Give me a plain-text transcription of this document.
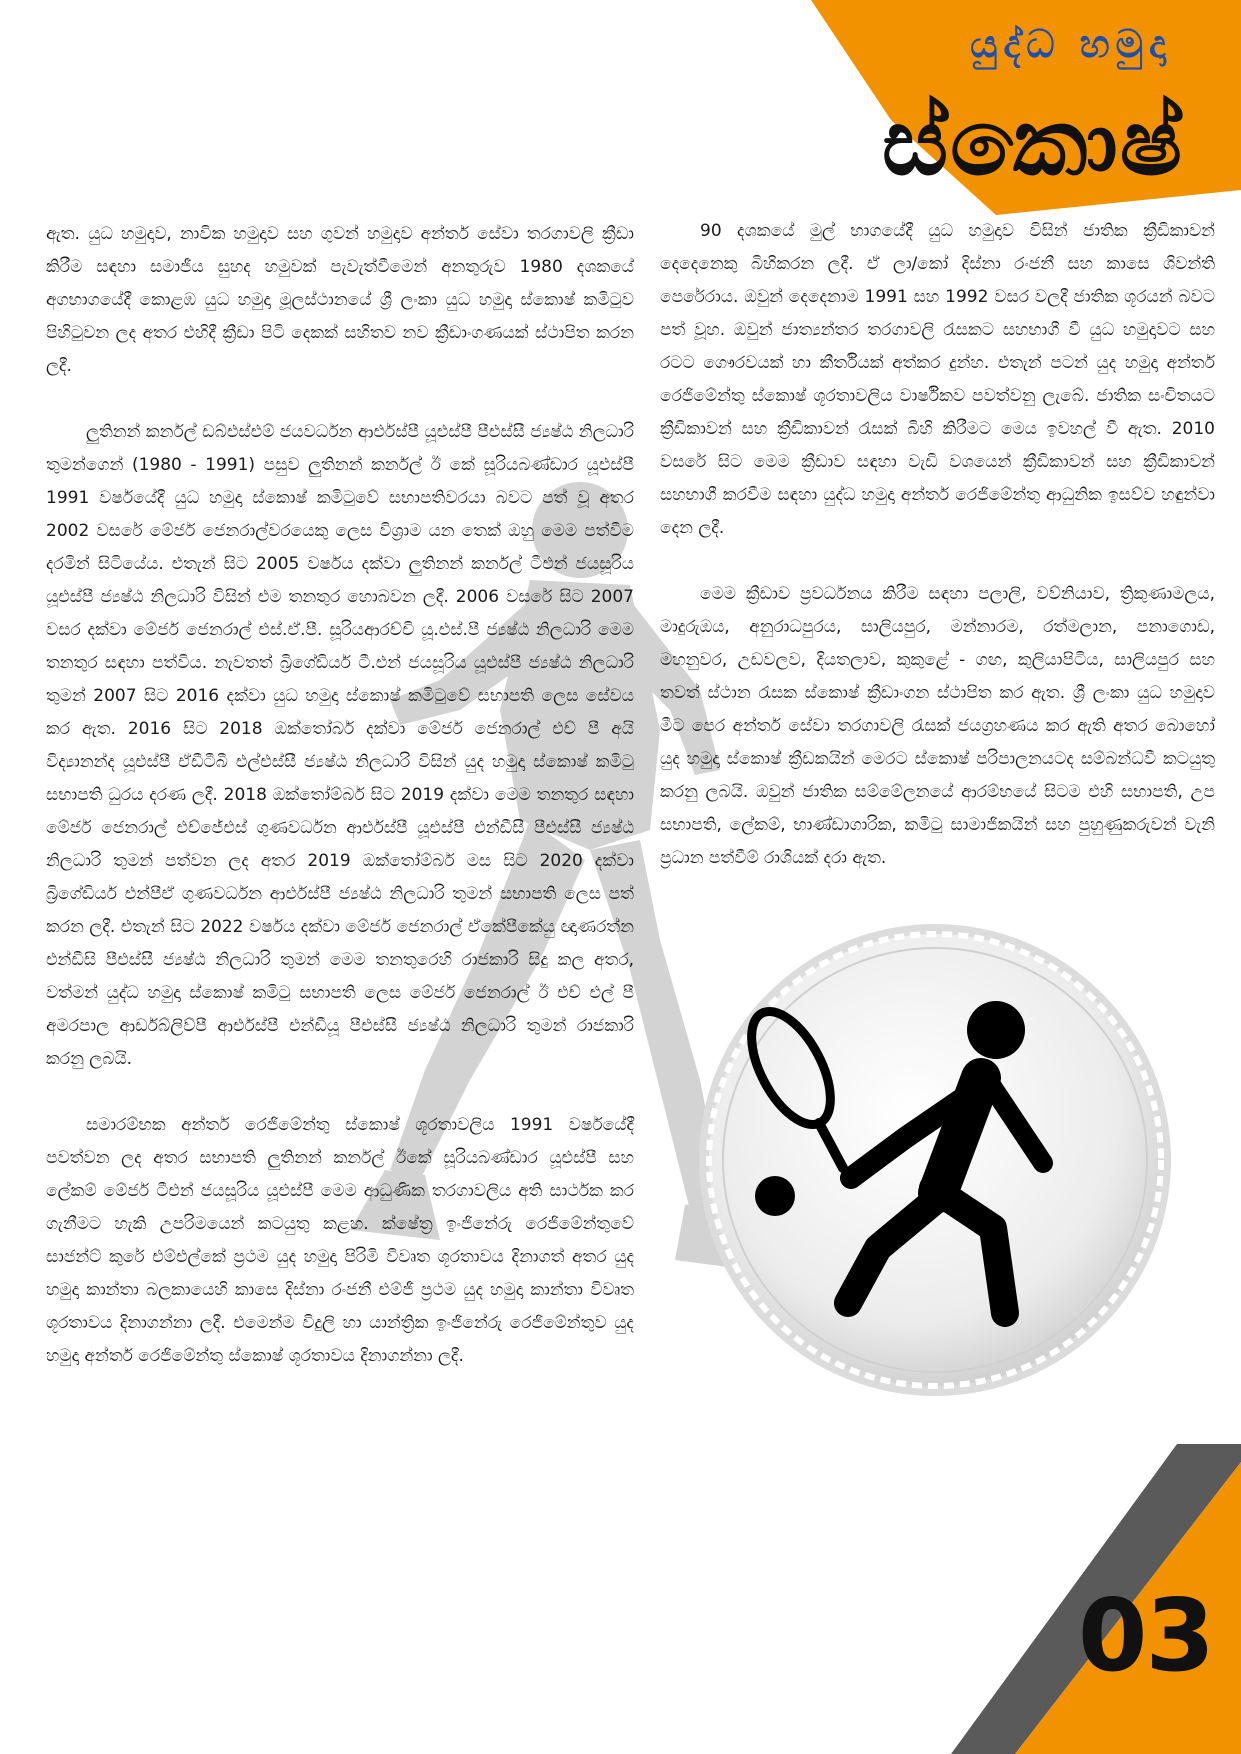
යුද්ධ හමුදා
ස්කොෂ්

ඇත. යුධ හමුදාව, නාවික හමුදාව සහ ගුවන් හමුදාව අන්තර් සේවා තරගාවලි ක්‍රීඩා කිරීම සඳහා සමාජීය සුහද හමුවක් පැවැත්වීමෙන් අනතුරුව 1980 දශකයේ අගභාගයේදී කොළඹ යුධ හමුදා මූලස්ථානයේ ශ්‍රී ලංකා යුධ හමුදා ස්කොෂ් කමිටුව පිහිටුවන ලද අතර එහිදී ක්‍රීඩා පිටි දෙකක් සහිතව නව ක්‍රීඩාංගණයක් ස්ථාපිත කරන ලදී.

ලුතිනන් කර්නල් ඩබ්එස්එම් ජයවර්ධන ආර්එස්පී යූඑස්පී පීඑස්සී ජ්‍යෂ්ඨ නිලධාරි තුමන්ගෙන් (1980 - 1991) පසුව ලුතිනන් කර්නල් ඊ කේ සූරියබණ්ඩාර යූඑස්පී 1991 වර්ෂයේදී යුධ හමුදා ස්කොෂ් කමිටුවේ සභාපතිවරයා බවට පත් වූ අතර 2002 වසරේ මේජර් ජෙනරාල්වරයෙකු ලෙස විශ්‍රාම යන තෙක් ඔහු මෙම පත්වීම දරමින් සිටියේය. එතැන් සිට 2005 වර්ෂය දක්වා ලුතිනන් කර්නල් ටීඑන් ජයසූරිය යූඑස්පී ජ්‍යෂ්ඨ නිලධාරි විසින් එම තනතුර හොබවන ලදී. 2006 වසරේ සිට 2007 වසර දක්වා මේජර් ජෙනරාල් එස්.ඒ.පී. සූරියආරච්චි යූ.එස්.පී ජ්‍යෂ්ඨ නිලධාරි මෙම තනතුර සඳහා පත්විය. නැවතත් බ්‍රිගේඩියර් ටී.එන් ජයසූරිය යූඑස්පී ජ්‍යෂ්ඨ නිලධාරි තුමන් 2007 සිට 2016 දක්වා යුධ හමුදා ස්කොෂ් කමිටුවේ සභාපති ලෙස සේවය කර ඇත. 2016 සිට 2018 ඔක්තෝබර් දක්වා මේජර් ජෙනරාල් එච් පී අයි විද්‍යානන්ද යූඑස්පී ඒඩීටීබී එල්එස්සී ජ්‍යෂ්ඨ නිලධාරි විසින් යුද හමුදා ස්කොෂ් කමිටු සභාපති ධුරය දරණ ලදී. 2018 ඔක්තෝම්බර් සිට 2019 දක්වා මෙම තනතුර සඳහා මේජර් ජෙනරාල් එච්ජේඑස් ගුණවර්ධන ආර්එස්පී යූඑස්පී එන්ඩීසී පීඑස්සී ජ්‍යෂ්ඨ නිලධාරි තුමන් පත්වන ලද අතර 2019 ඔක්තෝම්බර් මස සිට 2020 දක්වා බ්‍රිගේඩියර් එන්පීඒ ගුණවර්ධන ආර්එස්පී ජ්‍යෂ්ඨ නිලධාරි තුමන් සභාපති ලෙස පත් කරන ලදී. එතැන් සිට 2022 වර්ෂය දක්වා මේජර් ජෙනරාල් ඒකේපීකේයු ඥාණරත්න එන්ඩීසි පීඑස්සී ජ්‍යෂ්ඨ නිලධාරි තුමන් මෙම තනතුරෙහි රාජකාරි සිදු කල අතර, වත්මන් යුද්ධ හමුදා ස්කොෂ් කමිටු සභාපති ලෙස මේජර් ජෙනරාල් ඊ එච් එල් පී අමරපාල ආර්ඩබ්ලිව්පී ආර්එස්පී එන්ඩීයූ පීඑස්සී ජ්‍යෂ්ඨ නිලධාරි තුමන් රාජකාරි කරනු ලබයි.

සමාරම්භක අන්තර් රෙජිමේන්තු ස්කොෂ් ශූරතාවලිය 1991 වර්ෂයේදී පවත්වන ලද අතර සභාපති ලුතිනන් කර්නල් ඊකේ සූරියබණ්ඩාර යූඑස්පී සහ ලේකම් මේජර් ටීඑන් ජයසූරිය යූඑස්පී මෙම ආධුණික තරගාවලිය අති සාර්ථක කර ගැනීමට හැකි උපරිමයෙන් කටයුතු කළහ. ක්ෂේත්‍ර ඉංජිනේරු රෙජිමේන්තුවේ සාජන්ට් කුරේ එම්එල්කේ ප්‍රථම යුද හමුදා පිරිමි විවෘත ශූරතාවය දිනාගත් අතර යුද හමුදා කාන්තා බලකායෙහි කාසෙ දිස්නා රංජනී එම්ජී ප්‍රථම යුද හමුදා කාන්තා විවෘත ශූරතාවය දිනාගන්නා ලදී. එමෙන්ම විදුලි හා යාන්ත්‍රික ඉංජිනේරු රෙජිමේන්තුව යුද හමුදා අන්තර් රෙජිමේන්තු ස්කොෂ් ශූරතාවය දිනාගන්නා ලදී.

90 දශකයේ මුල් භාගයේදී යුධ හමුදාව විසින් ජාතික ක්‍රීඩිකාවන් දෙදෙනෙකු බිහිකරන ලදී. ඒ ලා/කෝ දිස්නා රංජනී සහ කාසෙ ශිවන්ති පෙරේරාය. ඔවුන් දෙදෙනාම 1991 සහ 1992 වසර වලදී ජාතික ශූරයන් බවට පත් වූහ. ඔවුන් ජාත්‍යන්තර තරගාවලි රැසකට සහභාගී වී යුධ හමුදාවට සහ රටට ගෞරවයක් හා කීර්තියක් අත්කර දුන්හ. එතැන් පටන් යුද හමුදා අන්තර් රෙජිමේන්තු ස්කොෂ් ශූරතාවලිය වාර්ෂිකව පවත්වනු ලැබේ. ජාතික සංචිතයට ක්‍රීඩිකාවන් සහ ක්‍රීඩිකාවන් රැසක් බිහි කිරීමට මෙය ඉවහල් වී ඇත. 2010 වසරේ සිට මෙම ක්‍රීඩාව සඳහා වැඩි වශයෙන් ක්‍රීඩිකාවන් සහ ක්‍රීඩිකාවන් සහභාගී කරවීම සඳහා යුද්ධ හමුදා අන්තර් රෙජිමේන්තු ආධුනික ඉසව්ව හඳුන්වා දෙන ලදී.

මෙම ක්‍රීඩාව ප්‍රවර්ධනය කිරීම සඳහා පලාලි, වව්නියාව, ත්‍රිකුණාමලය, මාදුරුඔය, අනුරාධපුරය, සාලියපුර, මන්නාරම, රත්මලාන, පනාගොඩ, මහනුවර, උඩවලව, දියතලාව, කුකුළේ - ගඟ, කුලියාපිටිය, සාලියපුර සහ තවත් ස්ථාන රැසක ස්කොෂ් ක්‍රීඩාංගන ස්ථාපිත කර ඇත. ශ්‍රී ලංකා යුධ හමුදාව මීට පෙර අන්තර් සේවා තරගාවලි රැසක් ජයග්‍රහණය කර ඇති අතර බොහෝ යුද හමුදා ස්කොෂ් ක්‍රීඩකයින් මෙරට ස්කොෂ් පරිපාලනයටද සම්බන්ධවී කටයුතු කරනු ලබයි. ඔවුන් ජාතික සම්මේලනයේ ආරම්භයේ සිටම එහි සභාපති, උප සභාපති, ලේකම්, භාණ්ඩාගාරික, කමිටු සාමාජිකයින් සහ පුහුණුකරුවන් වැනි ප්‍රධාන පත්වීම් රාශියක් දරා ඇත.

03
